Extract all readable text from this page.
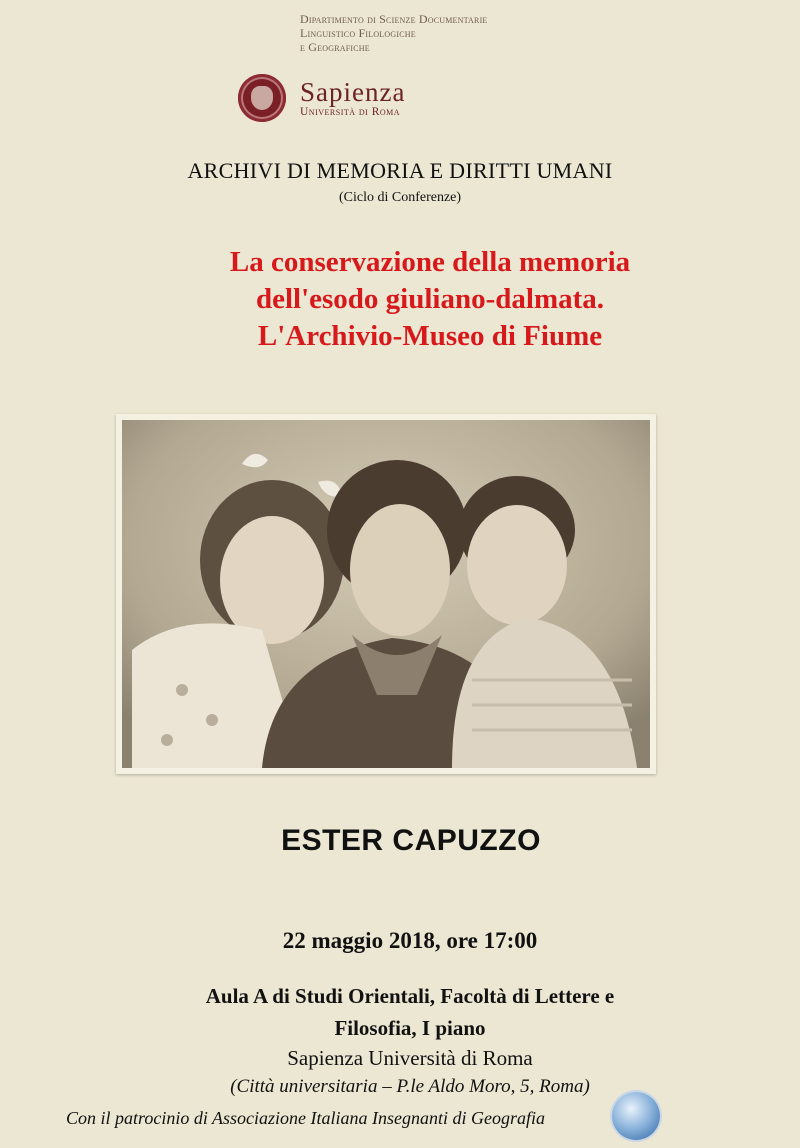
Dipartimento di Scienze Documentarie
Linguistico Filologiche
e Geografiche
Sapienza
Università di Roma
ARCHIVI DI MEMORIA E DIRITTI UMANI
(Ciclo di Conferenze)
La conservazione della memoria
dell'esodo giuliano-dalmata.
L'Archivio-Museo di Fiume
ESTER CAPUZZO
22 maggio 2018, ore 17:00
Aula A di Studi Orientali, Facoltà di Lettere e
Filosofia, I piano
Sapienza Università di Roma
(Città universitaria – P.le Aldo Moro, 5, Roma)
Con il patrocinio di Associazione Italiana Insegnanti di Geografia
